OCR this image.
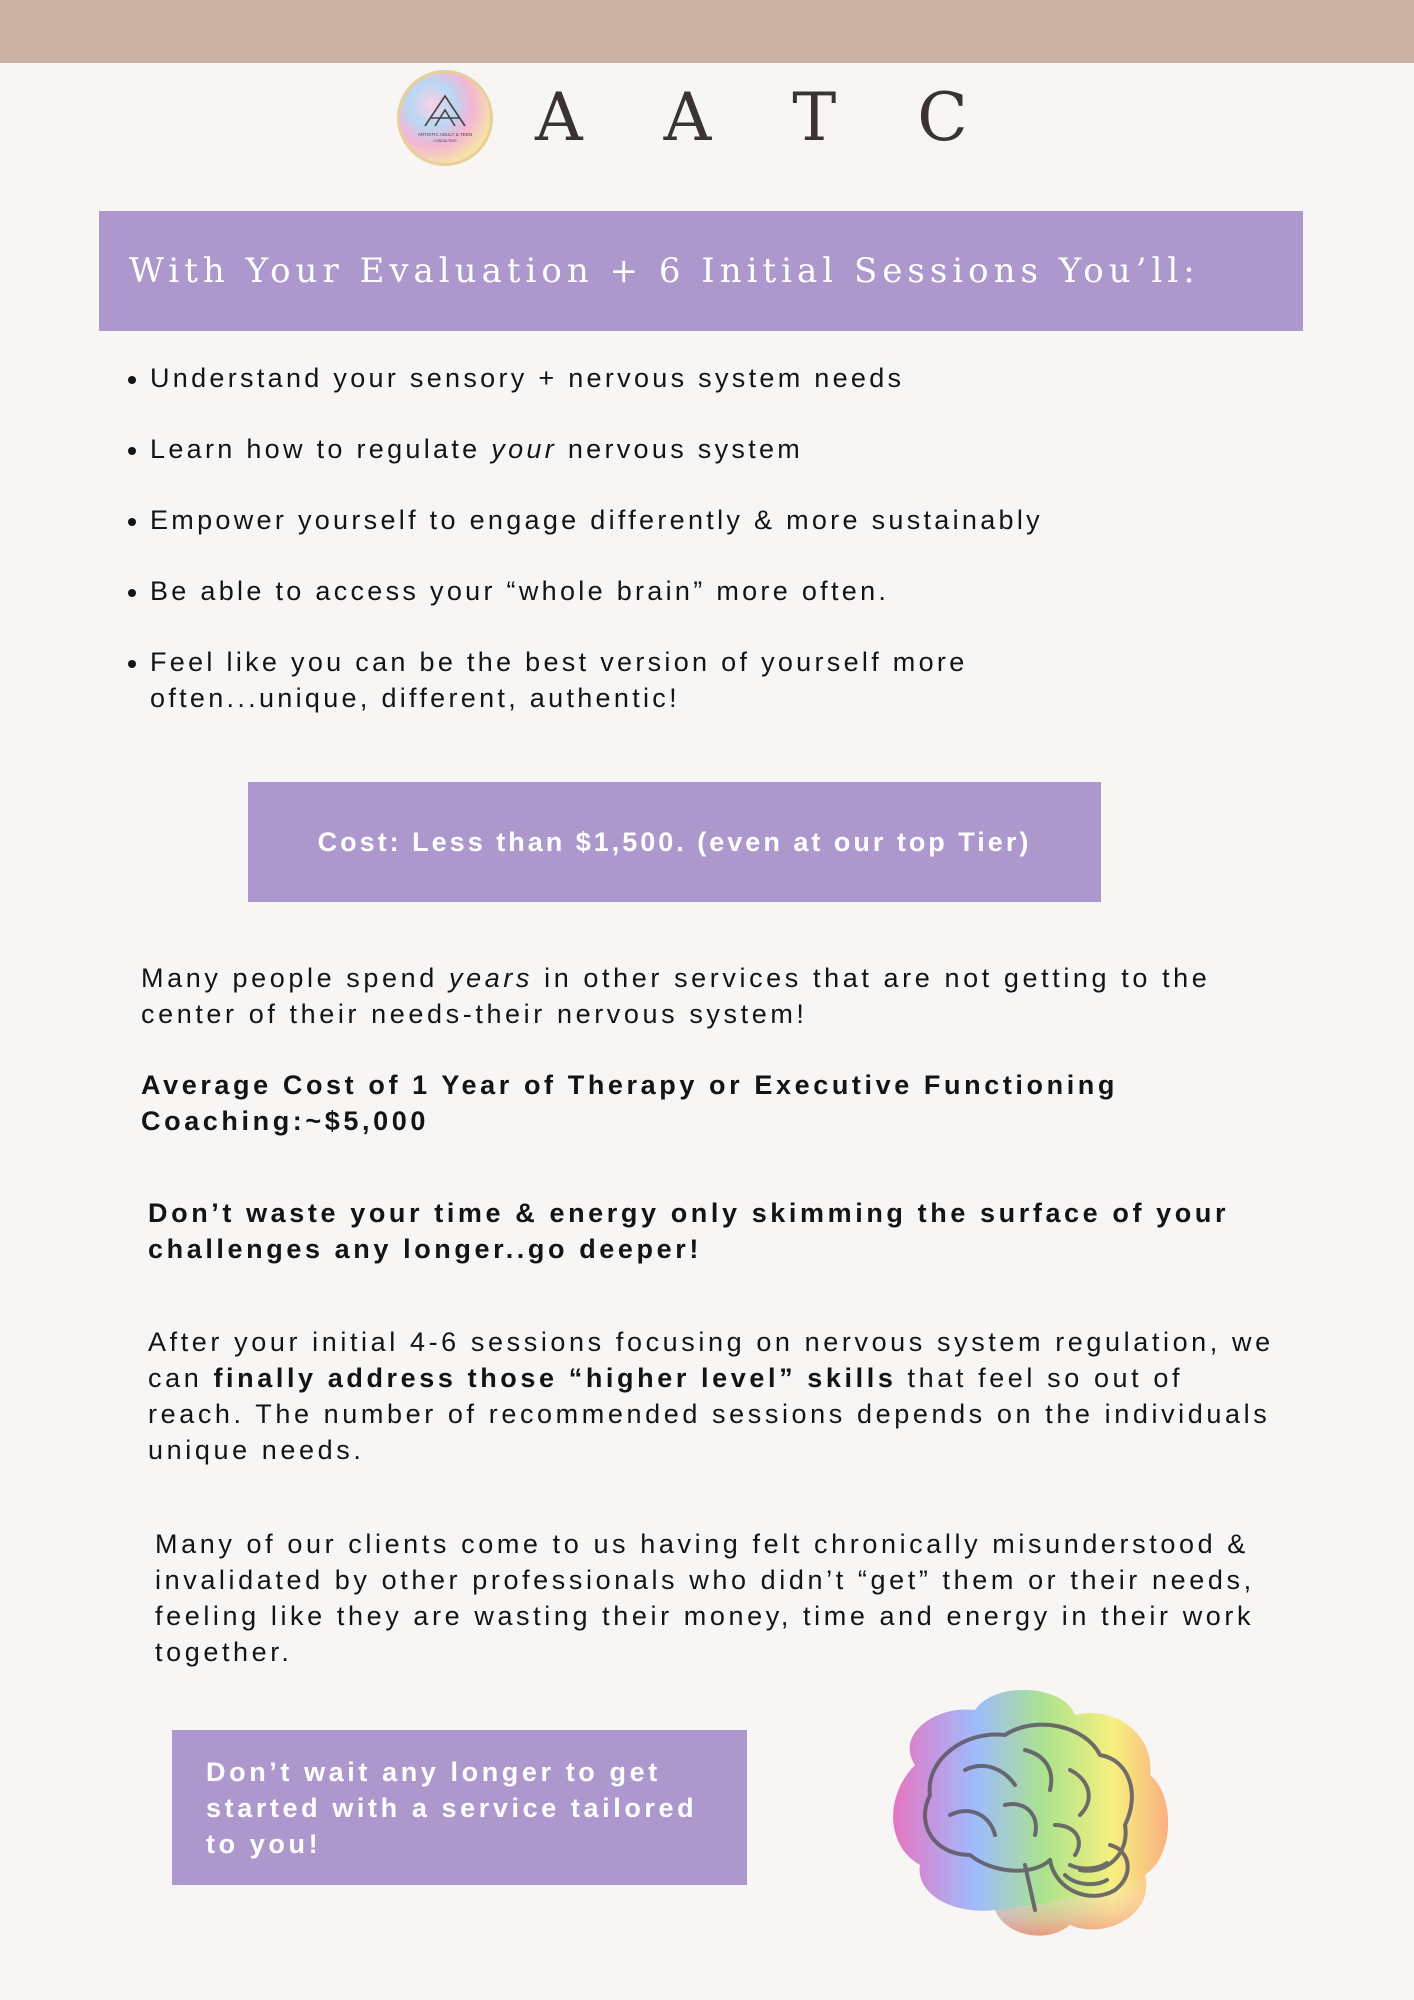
ARTISTIC ADULT & TEEN
CONSULTING A A T C
With Your Evaluation + 6 Initial Sessions You’ll:
Understand your sensory + nervous system needs
Learn how to regulate your nervous system
Empower yourself to engage differently & more sustainably
Be able to access your “whole brain” more often.
Feel like you can be the best version of yourself more often...unique, different, authentic!
Cost: Less than $1,500. (even at our top Tier)

Many people spend years in other services that are not getting to the center of their needs-their nervous system!

Average Cost of 1 Year of Therapy or Executive Functioning Coaching:~$5,000

Don’t waste your time & energy only skimming the surface of your challenges any longer..go deeper!

After your initial 4-6 sessions focusing on nervous system regulation, we can finally address those “higher level” skills that feel so out of reach. The number of recommended sessions depends on the individuals unique needs.

Many of our clients come to us having felt chronically misunderstood & invalidated by other professionals who didn’t “get” them or their needs, feeling like they are wasting their money, time and energy in their work together.

Don’t wait any longer to get started with a service tailored to you!
